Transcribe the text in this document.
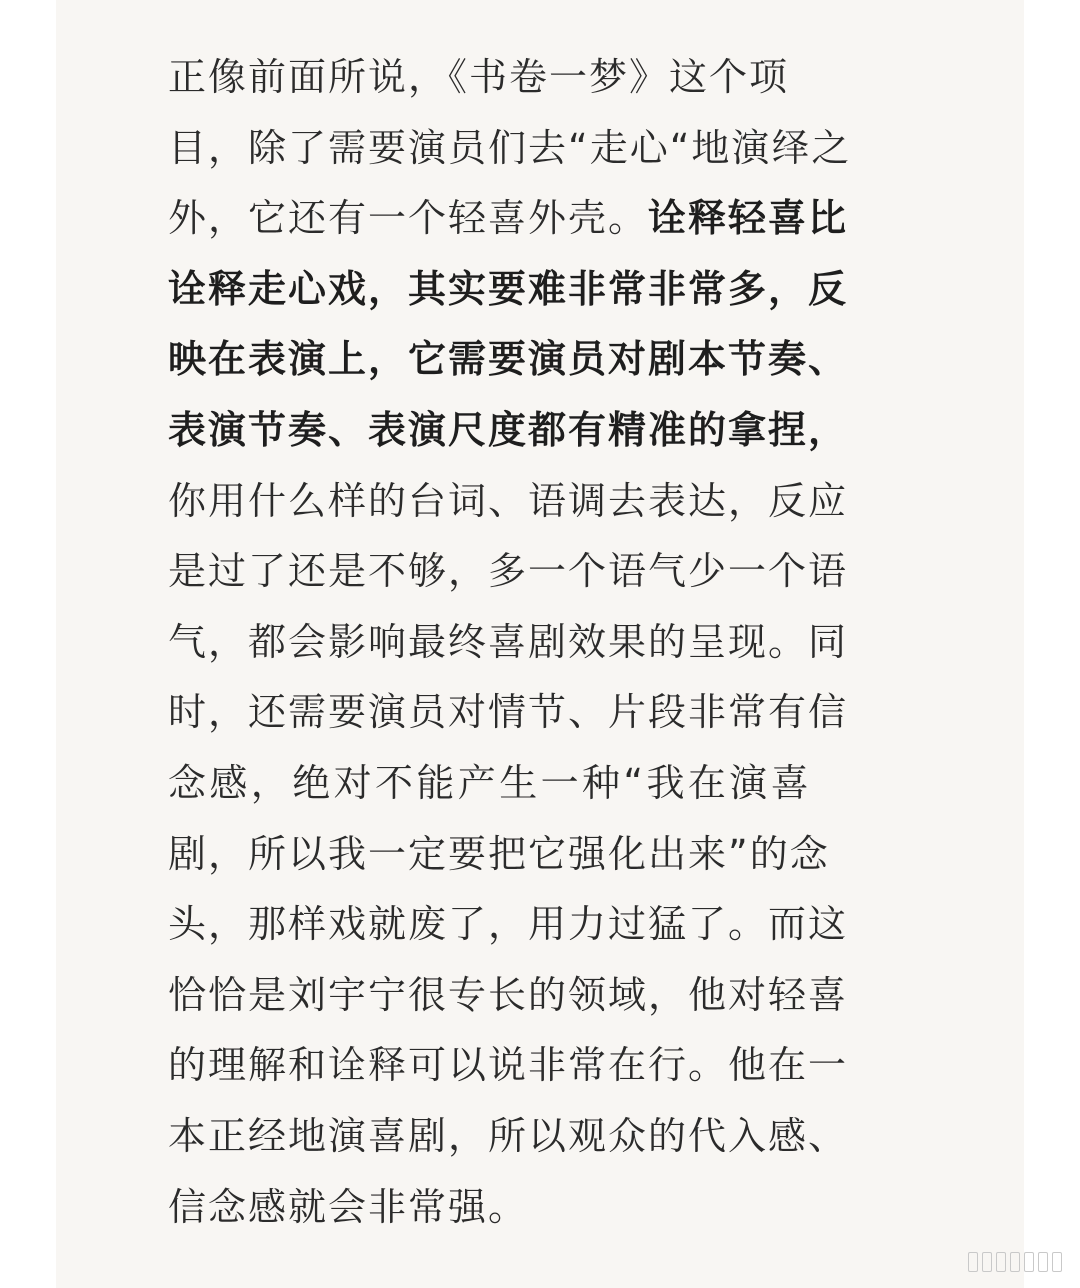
正像前面所说，《书卷一梦》这个项
目，除了需要演员们去“走心“地演绎之
外，它还有一个轻喜外壳。诠释轻喜比
诠释走心戏，其实要难非常非常多，反
映在表演上，它需要演员对剧本节奏、
表演节奏、表演尺度都有精准的拿捏，
你用什么样的台词、语调去表达，反应
是过了还是不够，多一个语气少一个语
气，都会影响最终喜剧效果的呈现。同
时，还需要演员对情节、片段非常有信
念感，绝对不能产生一种“我在演喜
剧，所以我一定要把它强化出来”的念
头，那样戏就废了，用力过猛了。而这
恰恰是刘宇宁很专长的领域，他对轻喜
的理解和诠释可以说非常在行。他在一
本正经地演喜剧，所以观众的代入感、
信念感就会非常强。
